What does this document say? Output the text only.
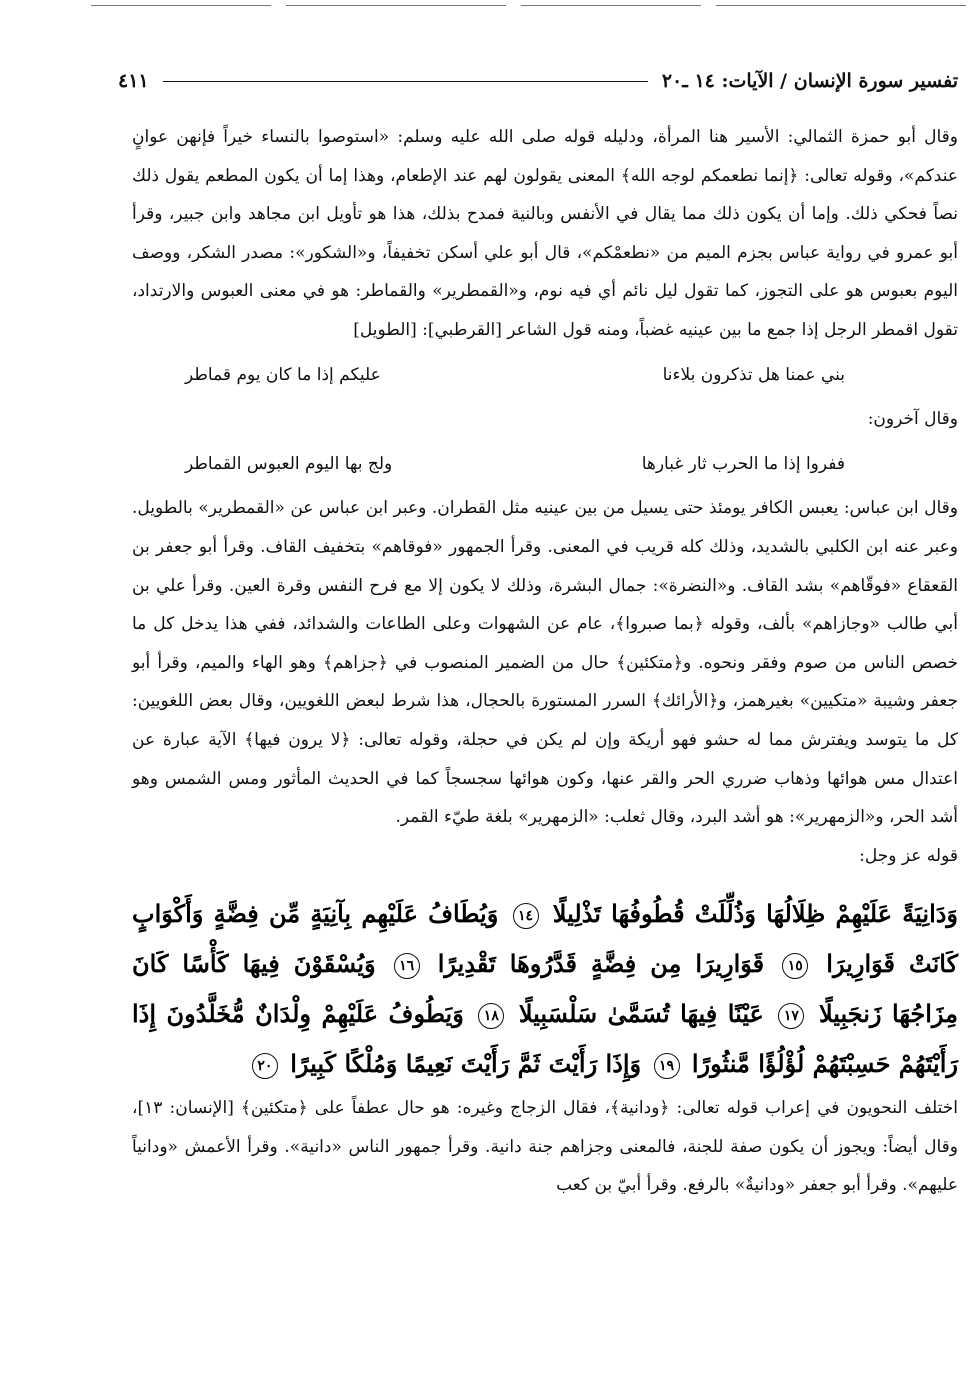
تفسير سورة الإنسان / الآيات: ١٤ ـ٢٠
٤١١

وقال أبو حمزة الثمالي: الأسير هنا المرأة، ودليله قوله صلى الله عليه وسلم: «استوصوا بالنساء خيراً فإنهن عوانٍ عندكم»، وقوله تعالى: ﴿إنما نطعمكم لوجه الله﴾ المعنى يقولون لهم عند الإطعام، وهذا إما أن يكون المطعم يقول ذلك نصاً فحكي ذلك. وإما أن يكون ذلك مما يقال في الأنفس وبالنية فمدح بذلك، هذا هو تأويل ابن مجاهد وابن جبير، وقرأ أبو عمرو في رواية عباس بجزم الميم من «نطعمْكم»، قال أبو علي أسكن تخفيفاً، و«الشكور»: مصدر الشكر، ووصف اليوم بعبوس هو على التجوز، كما تقول ليل نائم أي فيه نوم، و«القمطرير» والقماطر: هو في معنى العبوس والارتداد، تقول اقمطر الرجل إذا جمع ما بين عينيه غضباً، ومنه قول الشاعر [القرطبي]: [الطويل]

بني عمنا هل تذكرون بلاءنا
عليكم إذا ما كان يوم قماطر

وقال آخرون:

ففروا إذا ما الحرب ثار غبارها
ولج بها اليوم العبوس القماطر

وقال ابن عباس: يعبس الكافر يومئذ حتى يسيل من بين عينيه مثل القطران. وعبر ابن عباس عن «القمطرير» بالطويل. وعبر عنه ابن الكلبي بالشديد، وذلك كله قريب في المعنى. وقرأ الجمهور «فوقاهم» بتخفيف القاف. وقرأ أبو جعفر بن القعقاع «فوقّاهم» بشد القاف. و«النضرة»: جمال البشرة، وذلك لا يكون إلا مع فرح النفس وقرة العين. وقرأ علي بن أبي طالب «وجازاهم» بألف، وقوله ﴿بما صبروا﴾، عام عن الشهوات وعلى الطاعات والشدائد، ففي هذا يدخل كل ما خصص الناس من صوم وفقر ونحوه. و﴿متكئين﴾ حال من الضمير المنصوب في ﴿جزاهم﴾ وهو الهاء والميم، وقرأ أبو جعفر وشيبة «متكيين» بغيرهمز، و﴿الأرائك﴾ السرر المستورة بالحجال، هذا شرط لبعض اللغويين، وقال بعض اللغويين: كل ما يتوسد ويفترش مما له حشو فهو أريكة وإن لم يكن في حجلة، وقوله تعالى: ﴿لا يرون فيها﴾ الآية عبارة عن اعتدال مس هوائها وذهاب ضرري الحر والقر عنها، وكون هوائها سجسجاً كما في الحديث المأثور ومس الشمس وهو أشد الحر، و«الزمهرير»: هو أشد البرد، وقال ثعلب: «الزمهرير» بلغة طيّء القمر.

قوله عز وجل:

وَدَانِيَةً عَلَيْهِمْ ظِلَالُهَا وَذُلِّلَتْ قُطُوفُهَا تَذْلِيلًا ١٤ وَيُطَافُ عَلَيْهِم بِآنِيَةٍ مِّن فِضَّةٍ وَأَكْوَابٍ كَانَتْ قَوَارِيرَا ١٥ قَوَارِيرَا مِن فِضَّةٍ قَدَّرُوهَا تَقْدِيرًا ١٦ وَيُسْقَوْنَ فِيهَا كَأْسًا كَانَ مِزَاجُهَا زَنجَبِيلًا ١٧ عَيْنًا فِيهَا تُسَمَّىٰ سَلْسَبِيلًا ١٨ وَيَطُوفُ عَلَيْهِمْ وِلْدَانٌ مُّخَلَّدُونَ إِذَا رَأَيْتَهُمْ حَسِبْتَهُمْ لُؤْلُؤًا مَّنثُورًا ١٩ وَإِذَا رَأَيْتَ ثَمَّ رَأَيْتَ نَعِيمًا وَمُلْكًا كَبِيرًا ٢٠

اختلف النحويون في إعراب قوله تعالى: ﴿ودانية﴾، فقال الزجاج وغيره: هو حال عطفاً على ﴿متكئين﴾ [الإنسان: ١٣]، وقال أيضاً: ويجوز أن يكون صفة للجنة، فالمعنى وجزاهم جنة دانية. وقرأ جمهور الناس «دانية». وقرأ الأعمش «ودانياً عليهم». وقرأ أبو جعفر «ودانيةٌ» بالرفع. وقرأ أبيّ بن كعب
